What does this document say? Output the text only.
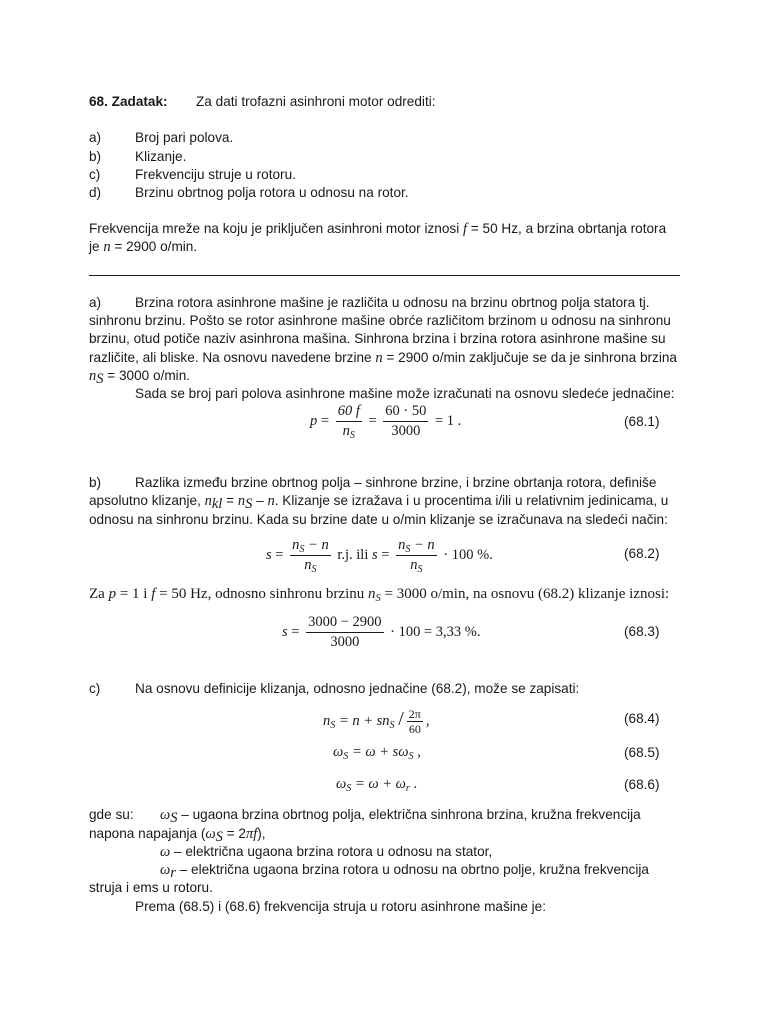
68. Zadatak: Za dati trofazni asinhroni motor odrediti:
a) Broj pari polova.
b) Klizanje.
c)	Frekvenciju struje u rotoru.
d) Brzinu obrtnog polja rotora u odnosu na rotor.
Frekvencija mreže na koju je priključen asinhroni motor iznosi f = 50 Hz, a brzina obrtanja rotora
je n = 2900 o/min.
a) Brzina rotora asinhrone mašine je različita u odnosu na brzinu obrtnog polja statora tj.
sinhronu brzinu. Pošto se rotor asinhrone mašine obrće različitom brzinom u odnosu na sinhronu
brzinu, otud potiče naziv asinhrona mašina. Sinhrona brzina i brzina rotora asinhrone mašine su
različite, ali bliske. Na osnovu navedene brzine n = 2900 o/min zaključuje se da je sinhrona brzina
$n_S = 3000$ o/min.
Sada se broj pari polova asinhrone mašine može izračunati na osnovu sledeće jednačine:
$p = \frac{60 f}{n_S} = \frac{60 \cdot 50}{3000} = 1$ .	(68.1)
b) Razlika između brzine obrtnog polja – sinhrone brzine, i brzine obrtanja rotora, definiše
apsolutno klizanje, $n_{kl} = n_S - n$. Klizanje se izražava i u procentima i/ili u relativnim jedinicama, u
odnosu na sinhronu brzinu. Kada su brzine date u o/min klizanje se izračunava na sledeći način:
$s = \frac{n_S - n}{n_S} r.j$. ili $s = \frac{n_S - n}{n_S} \cdot 100$ %.	(68.2)
Za p = 1 i f = 50 Hz, odnosno sinhronu brzinu $n_S = 3000$ o/min, na osnovu (68.2) klizanje iznosi:
$s = \frac{3000 - 2900}{3000} \cdot 100 = 3,33$ %.	(68.3)
c)	Na osnovu definicije klizanja, odnosno jednačine (68.2), može se zapisati:
$n_S = n + sn_S / \frac{2\pi}{60}$ ,	(68.4)
$\omega_S = \omega + s\omega_S$ ,	(68.5)
$\omega_S = \omega + \omega_r$ .	(68.6)
gde su: $\omega_S$ – ugaona brzina obrtnog polja, električna sinhrona brzina, kružna frekvencija
napona napajanja $(\omega_S = 2\pi f)$,
ω – električna ugaona brzina rotora u odnosu na stator,
$\omega_r$ – električna ugaona brzina rotora u odnosu na obrtno polje, kružna frekvencija
struja i ems u rotoru.
Prema (68.5) i (68.6) frekvencija struja u rotoru asinhrone mašine je:
